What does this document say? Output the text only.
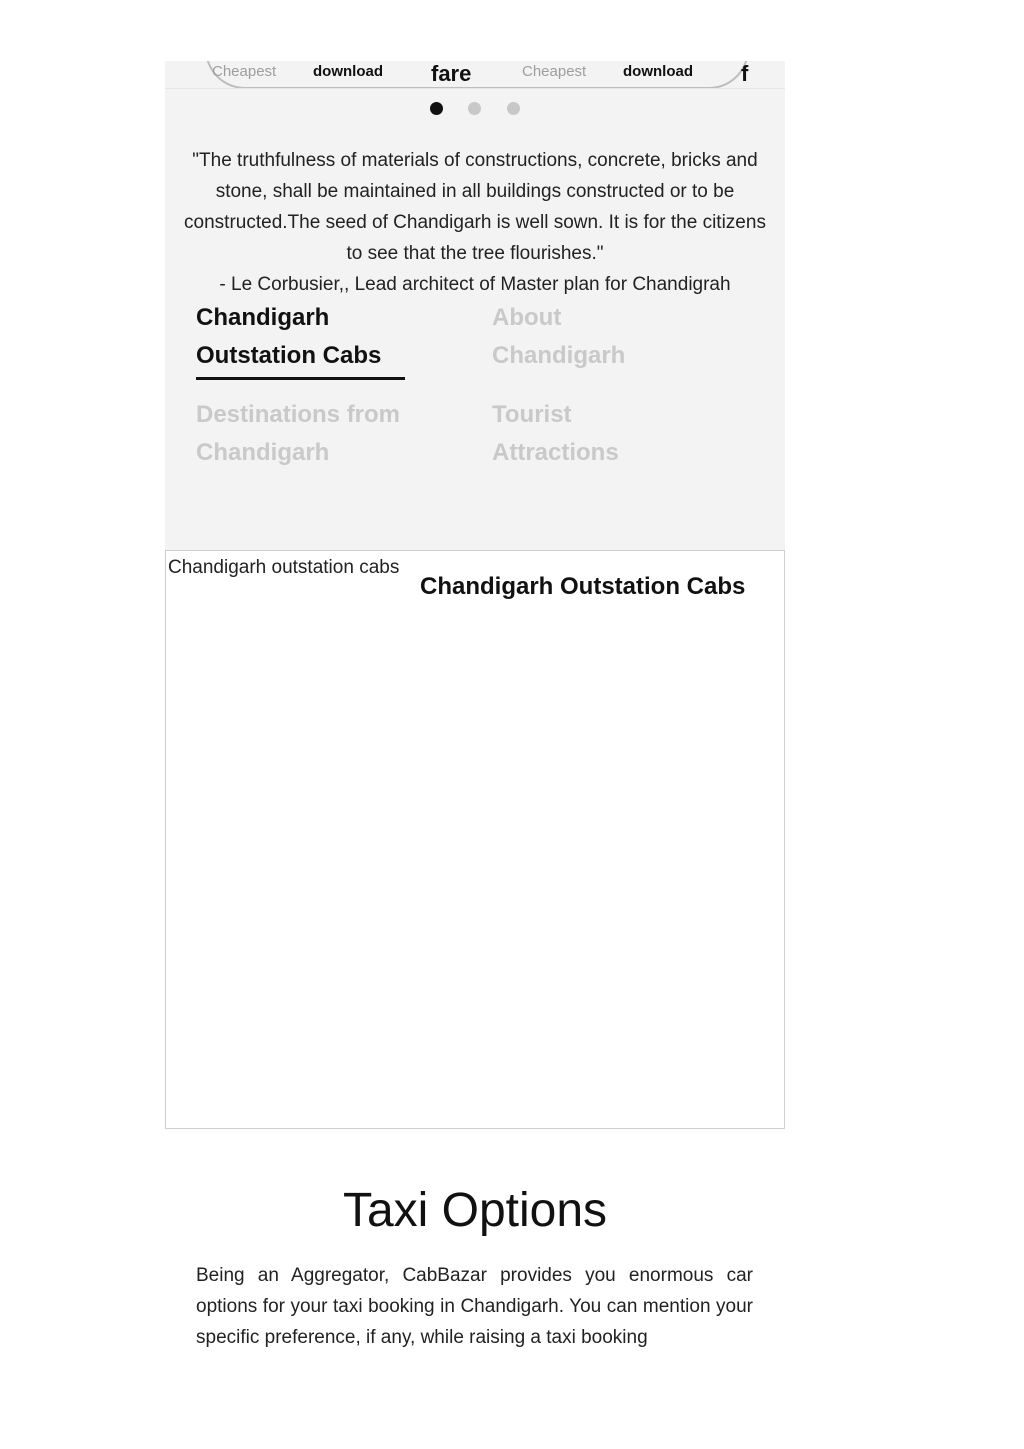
Cheapest download fare	Cheapest download f
"The truthfulness of materials of constructions, concrete, bricks and stone, shall be maintained in all buildings constructed or to be constructed.The seed of Chandigarh is well sown. It is for the citizens to see that the tree flourishes."
- Le Corbusier,, Lead architect of Master plan for Chandigrah
Chandigarh
Outstation Cabs
About
Chandigarh
Destinations from
Chandigarh
Tourist
Attractions
Chandigarh outstation cabs
Chandigarh Outstation Cabs
Taxi Options

Being an Aggregator, CabBazar provides you enormous car options for your taxi booking in Chandigarh. You can mention your specific preference, if any, while raising a taxi booking
